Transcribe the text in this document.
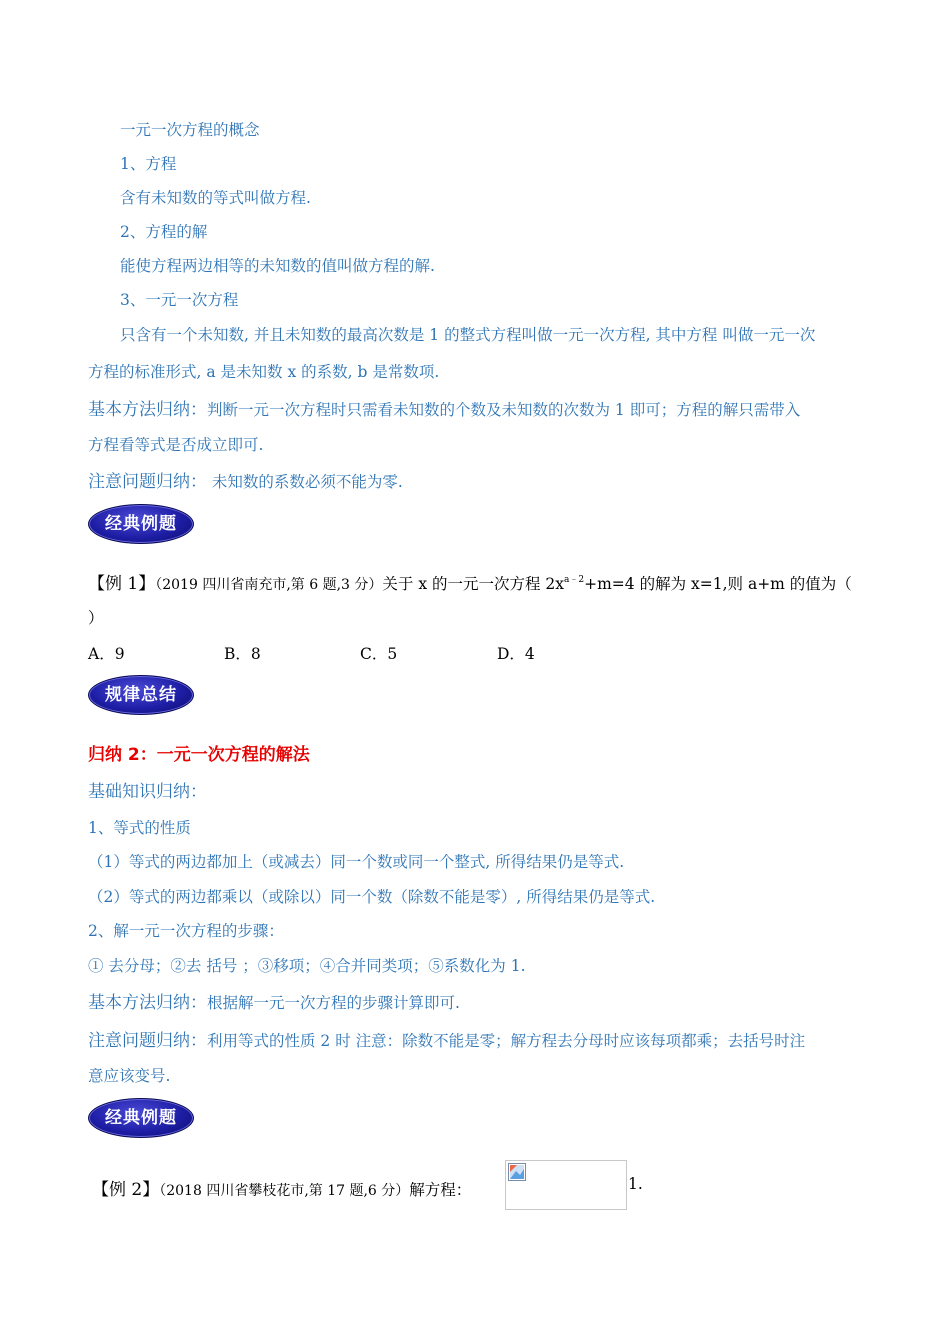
一元一次方程的概念
1、方程
含有未知数的等式叫做方程.
2、方程的解
能使方程两边相等的未知数的值叫做方程的解.
3、一元一次方程
只含有一个未知数, 并且未知数的最高次数是 1 的整式方程叫做一元一次方程, 其中方程 叫做一元一次
方程的标准形式, a 是未知数 x 的系数, b 是常数项.
基本方法归纳：判断一元一次方程时只需看未知数的个数及未知数的次数为 1 即可；方程的解只需带入
方程看等式是否成立即可.
注意问题归纳： 未知数的系数必须不能为零.
经典例题
【例 1】（2019 四川省南充市,第 6 题,3 分）关于 x 的一元一次方程 $2x^{a﹣2}+m=4$ 的解为 x=1,则 a+m 的值为（
）
A．9	B．8	C．5	D．4
规律总结
归纳 2：一元一次方程的解法
基础知识归纳：
1、等式的性质
（1）等式的两边都加上（或减去）同一个数或同一个整式, 所得结果仍是等式.
（2）等式的两边都乘以（或除以）同一个数（除数不能是零）, 所得结果仍是等式.
2、解一元一次方程的步骤：
① 去分母；②去 括号 ；③移项；④合并同类项；⑤系数化为 1.
基本方法归纳：根据解一元一次方程的步骤计算即可.
注意问题归纳：利用等式的性质 2 时 注意：除数不能是零；解方程去分母时应该每项都乘；去括号时注
意应该变号.
经典例题
【例 2】（2018 四川省攀枝花市,第 17 题,6 分）解方程：	1.
